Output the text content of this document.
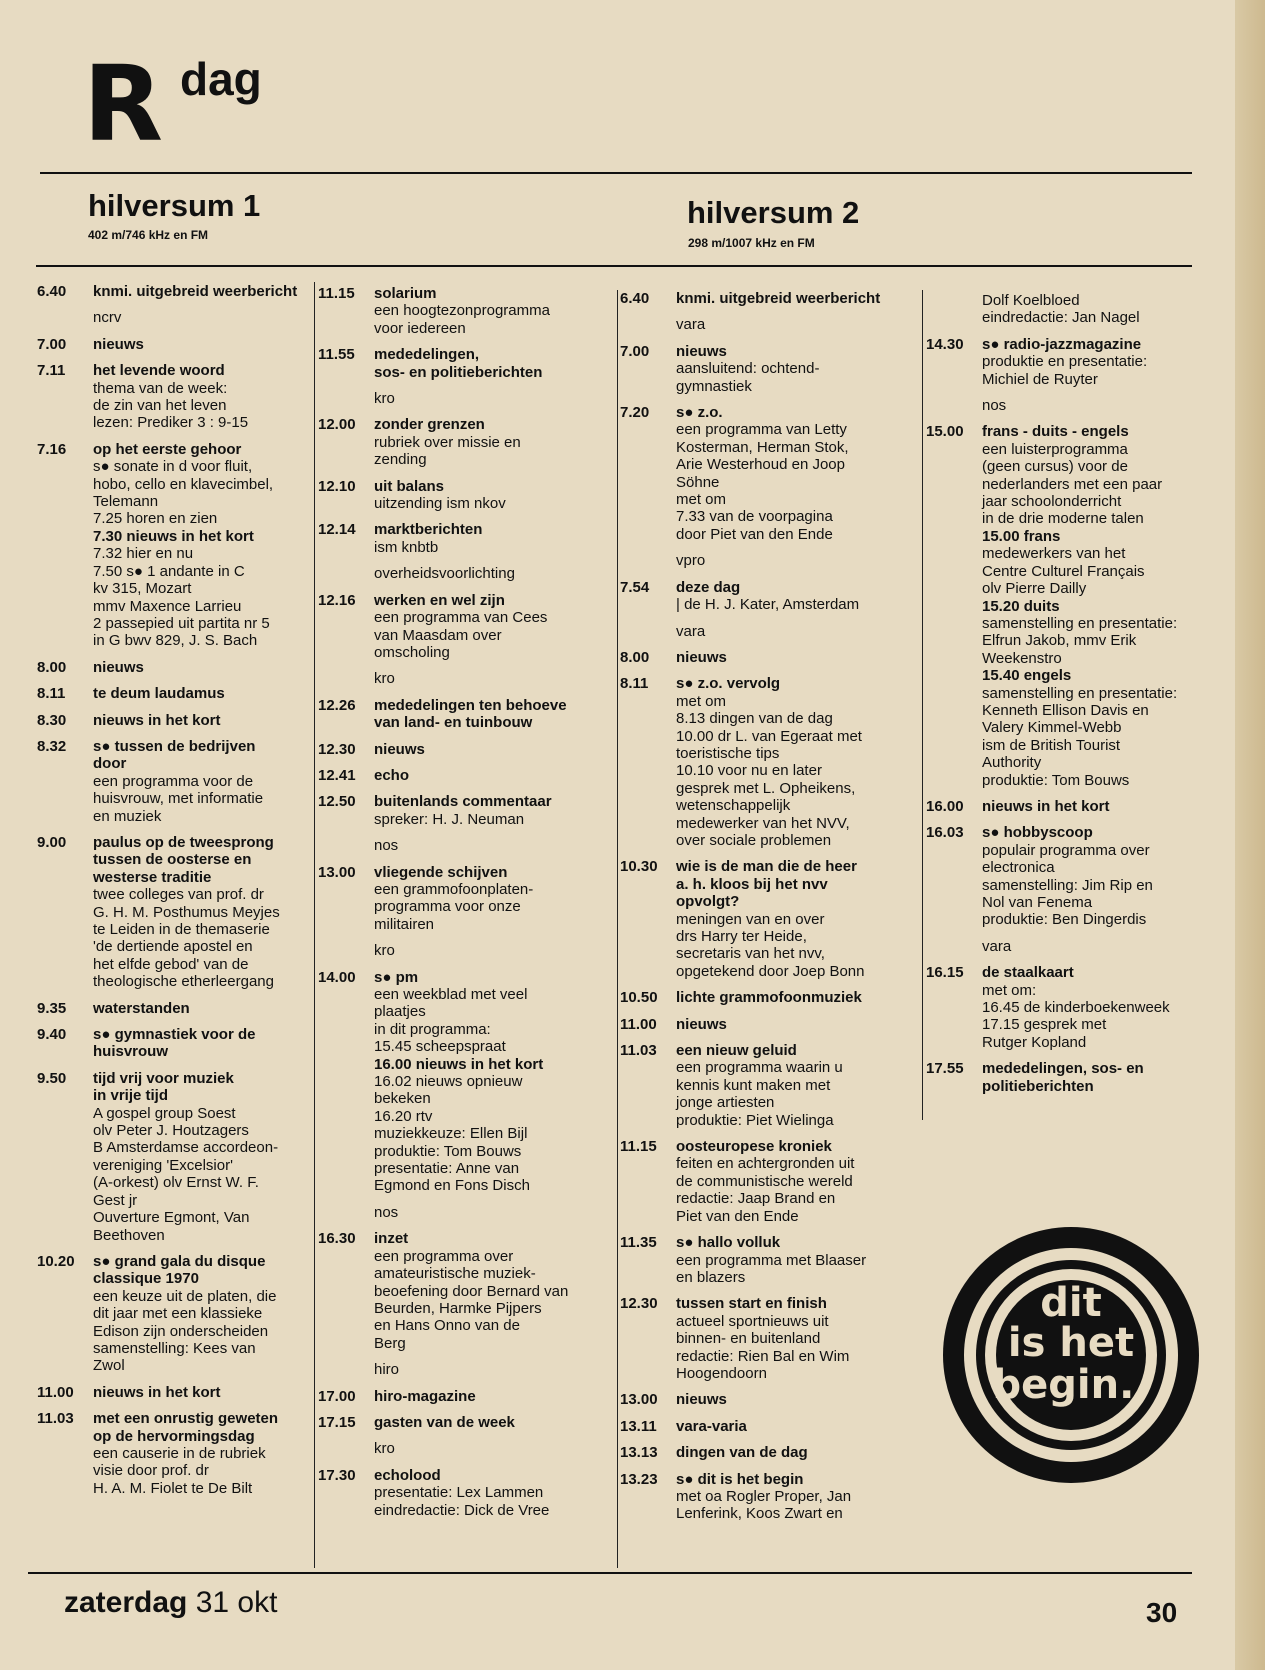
R dag
hilversum 1
402 m/746 kHz en FM
hilversum 2
298 m/1007 kHz en FM
6.40 knmi. uitgebreid weerbericht
ncrv
7.00 nieuws
7.11 het levende woord
thema van de week:
de zin van het leven
lezen: Prediker 3 : 9-15
7.16 op het eerste gehoor
s● sonate in d voor fluit,
hobo, cello en klavecimbel,
Telemann
7.25 horen en zien
7.30 nieuws in het kort
7.32 hier en nu
7.50 s● 1 andante in C
kv 315, Mozart
mmv Maxence Larrieu
2 passepied uit partita nr 5
in G bwv 829, J. S. Bach
8.00 nieuws
8.11 te deum laudamus
8.30 nieuws in het kort
8.32 s● tussen de bedrijven
door
een programma voor de
huisvrouw, met informatie
en muziek
9.00 paulus op de tweesprong
tussen de oosterse en
westerse traditie
twee colleges van prof. dr
G. H. M. Posthumus Meyjes
te Leiden in de themaserie
'de dertiende apostel en
het elfde gebod' van de
theologische etherleergang
9.35 waterstanden
9.40 s● gymnastiek voor de
huisvrouw
9.50 tijd vrij voor muziek
in vrije tijd
A gospel group Soest
olv Peter J. Houtzagers
B Amsterdamse accordeon-
vereniging 'Excelsior'
(A-orkest) olv Ernst W. F.
Gest jr
Ouverture Egmont, Van
Beethoven
10.20 s● grand gala du disque
classique 1970
een keuze uit de platen, die
dit jaar met een klassieke
Edison zijn onderscheiden
samenstelling: Kees van
Zwol
11.00 nieuws in het kort
11.03 met een onrustig geweten
op de hervormingsdag
een causerie in de rubriek
visie door prof. dr
H. A. M. Fiolet te De Bilt
11.15 solarium
een hoogtezonprogramma
voor iedereen
11.55 mededelingen,
sos- en politieberichten
kro
12.00 zonder grenzen
rubriek over missie en
zending
12.10 uit balans
uitzending ism nkov
12.14 marktberichten
ism knbtb
overheidsvoorlichting
12.16 werken en wel zijn
een programma van Cees
van Maasdam over
omscholing
kro
12.26 mededelingen ten behoeve
van land- en tuinbouw
12.30 nieuws
12.41 echo
12.50 buitenlands commentaar
spreker: H. J. Neuman
nos
13.00 vliegende schijven
een grammofoonplaten-
programma voor onze
militairen
kro
14.00 s● pm
een weekblad met veel
plaatjes
in dit programma:
15.45 scheepspraat
16.00 nieuws in het kort
16.02 nieuws opnieuw
bekeken
16.20 rtv
muziekkeuze: Ellen Bijl
produktie: Tom Bouws
presentatie: Anne van
Egmond en Fons Disch
nos
16.30 inzet
een programma over
amateuristische muziek-
beoefening door Bernard van
Beurden, Harmke Pijpers
en Hans Onno van de
Berg
hiro
17.00 hiro-magazine
17.15 gasten van de week
kro
17.30 echolood
presentatie: Lex Lammen
eindredactie: Dick de Vree
6.40 knmi. uitgebreid weerbericht
vara
7.00 nieuws
aansluitend: ochtend-
gymnastiek
7.20 s● z.o.
een programma van Letty
Kosterman, Herman Stok,
Arie Westerhoud en Joop
Söhne
met om
7.33 van de voorpagina
door Piet van den Ende
vpro
7.54 deze dag
| de H. J. Kater, Amsterdam
vara
8.00 nieuws
8.11 s● z.o. vervolg
met om
8.13 dingen van de dag
10.00 dr L. van Egeraat met
toeristische tips
10.10 voor nu en later
gesprek met L. Opheikens,
wetenschappelijk
medewerker van het NVV,
over sociale problemen
10.30 wie is de man die de heer
a. h. kloos bij het nvv
opvolgt?
meningen van en over
drs Harry ter Heide,
secretaris van het nvv,
opgetekend door Joep Bonn
10.50 lichte grammofoonmuziek
11.00 nieuws
11.03 een nieuw geluid
een programma waarin u
kennis kunt maken met
jonge artiesten
produktie: Piet Wielinga
11.15 oosteuropese kroniek
feiten en achtergronden uit
de communistische wereld
redactie: Jaap Brand en
Piet van den Ende
11.35 s● hallo volluk
een programma met Blaaser
en blazers
12.30 tussen start en finish
actueel sportnieuws uit
binnen- en buitenland
redactie: Rien Bal en Wim
Hoogendoorn
13.00 nieuws
13.11 vara-varia
13.13 dingen van de dag
13.23 s● dit is het begin
met oa Rogler Proper, Jan
Lenferink, Koos Zwart en
Dolf Koelbloed
eindredactie: Jan Nagel
14.30 s● radio-jazzmagazine
produktie en presentatie:
Michiel de Ruyter
nos
15.00 frans - duits - engels
een luisterprogramma
(geen cursus) voor de
nederlanders met een paar
jaar schoolonderricht
in de drie moderne talen
15.00 frans
medewerkers van het
Centre Culturel Français
olv Pierre Dailly
15.20 duits
samenstelling en presentatie:
Elfrun Jakob, mmv Erik
Weekenstro
15.40 engels
samenstelling en presentatie:
Kenneth Ellison Davis en
Valery Kimmel-Webb
ism de British Tourist
Authority
produktie: Tom Bouws
16.00 nieuws in het kort
16.03 s● hobbyscoop
populair programma over
electronica
samenstelling: Jim Rip en
Nol van Fenema
produktie: Ben Dingerdis
vara
16.15 de staalkaart
met om:
16.45 de kinderboekenweek
17.15 gesprek met
Rutger Kopland
17.55 mededelingen, sos- en
politieberichten
dit
is het
begin..
zaterdag 31 okt	30
